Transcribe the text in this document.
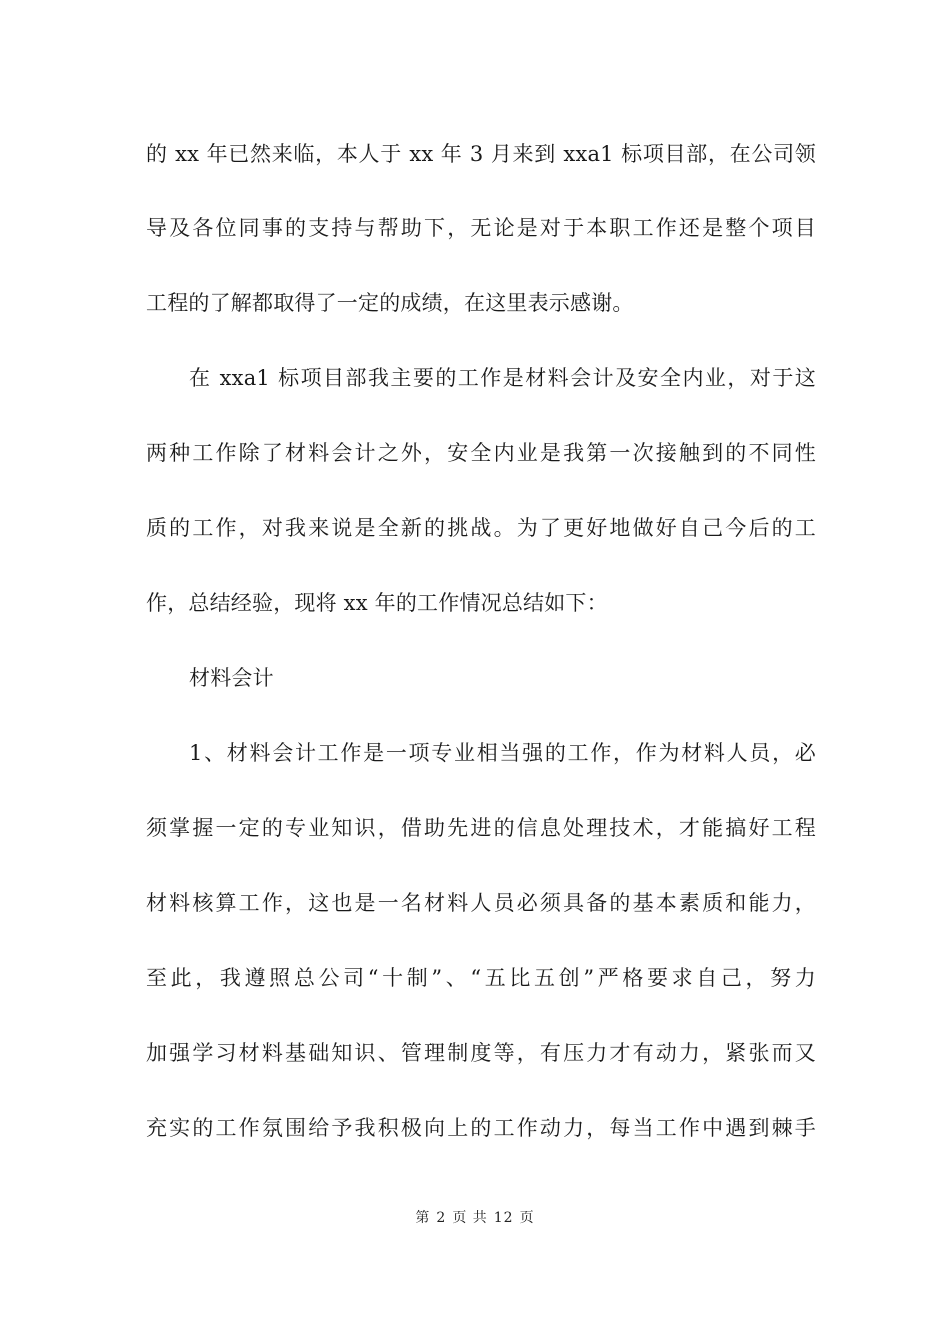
的 xx 年已然来临，本人于 xx 年 3 月来到 xxa1 标项目部，在公司领
导及各位同事的支持与帮助下，无论是对于本职工作还是整个项目
工程的了解都取得了一定的成绩，在这里表示感谢。
在 xxa1 标项目部我主要的工作是材料会计及安全内业，对于这
两种工作除了材料会计之外，安全内业是我第一次接触到的不同性
质的工作，对我来说是全新的挑战。为了更好地做好自己今后的工
作，总结经验，现将 xx 年的工作情况总结如下：
材料会计
1、材料会计工作是一项专业相当强的工作，作为材料人员，必
须掌握一定的专业知识，借助先进的信息处理技术，才能搞好工程
材料核算工作，这也是一名材料人员必须具备的基本素质和能力，
至此，我遵照总公司“十制”、“五比五创”严格要求自己，努力
加强学习材料基础知识、管理制度等，有压力才有动力，紧张而又
充实的工作氛围给予我积极向上的工作动力，每当工作中遇到棘手
第 2 页 共 12 页
